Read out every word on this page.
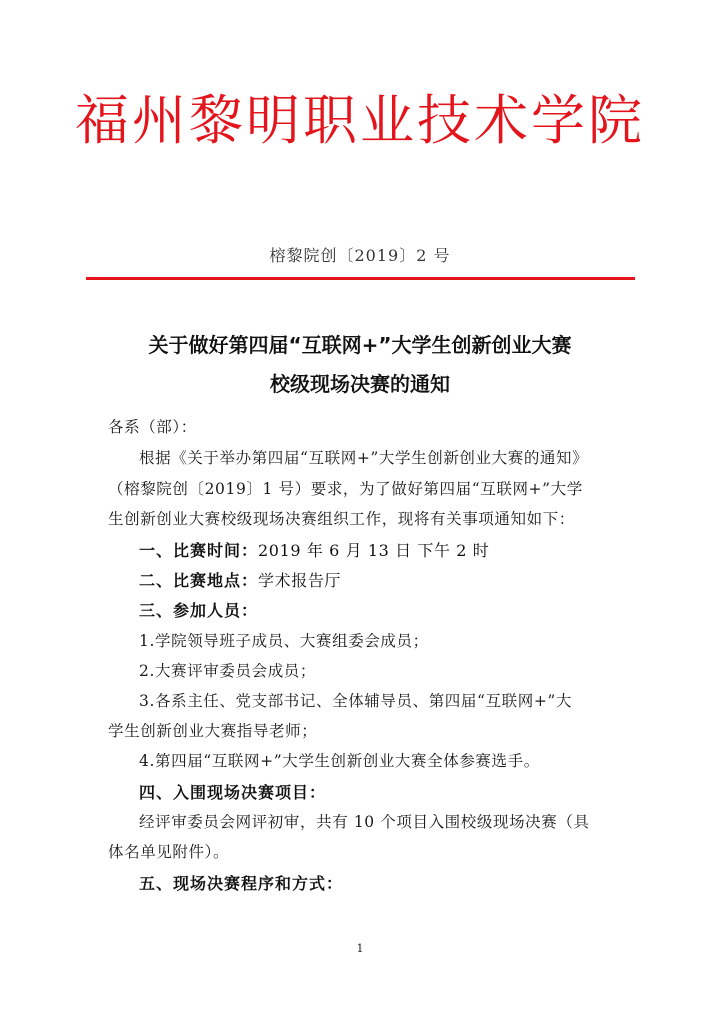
福州黎明职业技术学院
榕黎院创〔2019〕2 号
关于做好第四届“互联网+”大学生创新创业大赛
校级现场决赛的通知
各系（部）：
根据《关于举办第四届“互联网+”大学生创新创业大赛的通知》
（榕黎院创〔2019〕1 号）要求，为了做好第四届“互联网+”大学
生创新创业大赛校级现场决赛组织工作，现将有关事项通知如下：
一、比赛时间：2019 年 6 月 13 日 下午 2 时
二、比赛地点：学术报告厅
三、参加人员：
1.学院领导班子成员、大赛组委会成员；
2.大赛评审委员会成员；
3.各系主任、党支部书记、全体辅导员、第四届“互联网+”大
学生创新创业大赛指导老师；
4.第四届“互联网+”大学生创新创业大赛全体参赛选手。
四、入围现场决赛项目：
经评审委员会网评初审，共有 10 个项目入围校级现场决赛（具
体名单见附件）。
五、现场决赛程序和方式：
1
